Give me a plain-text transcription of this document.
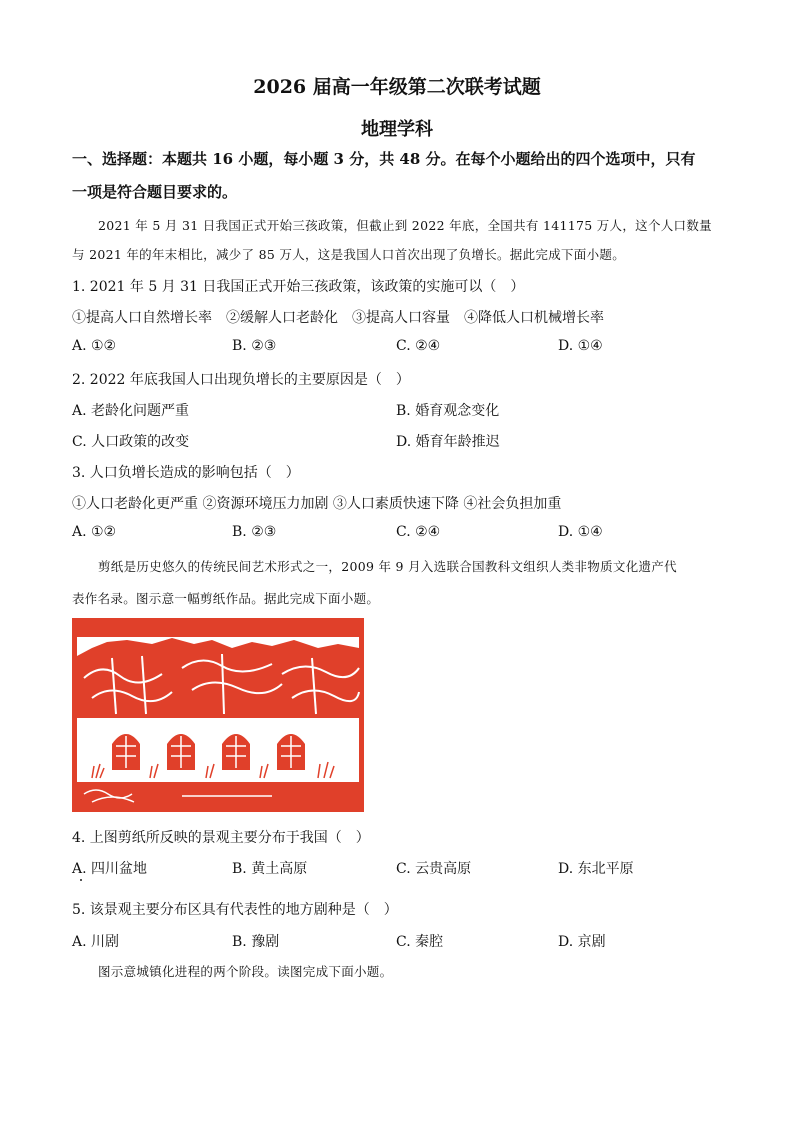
2026 届高一年级第二次联考试题
地理学科
一、选择题：本题共 16 小题，每小题 3 分，共 48 分。在每个小题给出的四个选项中，只有
一项是符合题目要求的。
2021 年 5 月 31 日我国正式开始三孩政策，但截止到 2022 年底，全国共有 141175 万人，这个人口数量
与 2021 年的年末相比，减少了 85 万人，这是我国人口首次出现了负增长。据此完成下面小题。
1. 2021 年 5 月 31 日我国正式开始三孩政策，该政策的实施可以（　）
①提高人口自然增长率　②缓解人口老龄化　③提高人口容量　④降低人口机械增长率
A. ①②	B. ②③	C. ②④	D. ①④
2. 2022 年底我国人口出现负增长的主要原因是（　）
A. 老龄化问题严重	B. 婚育观念变化
C. 人口政策的改变	D. 婚育年龄推迟
3. 人口负增长造成的影响包括（　）
①人口老龄化更严重 ②资源环境压力加剧 ③人口素质快速下降 ④社会负担加重
A. ①②	B. ②③	C. ②④	D. ①④
剪纸是历史悠久的传统民间艺术形式之一，2009 年 9 月入选联合国教科文组织人类非物质文化遗产代
表作名录。图示意一幅剪纸作品。据此完成下面小题。
4. 上图剪纸所反映的景观主要分布于我国（　）
A. 四川盆地	B. 黄土高原	C. 云贵高原	D. 东北平原
5. 该景观主要分布区具有代表性的地方剧种是（　）
A. 川剧	B. 豫剧	C. 秦腔	D. 京剧
图示意城镇化进程的两个阶段。读图完成下面小题。
